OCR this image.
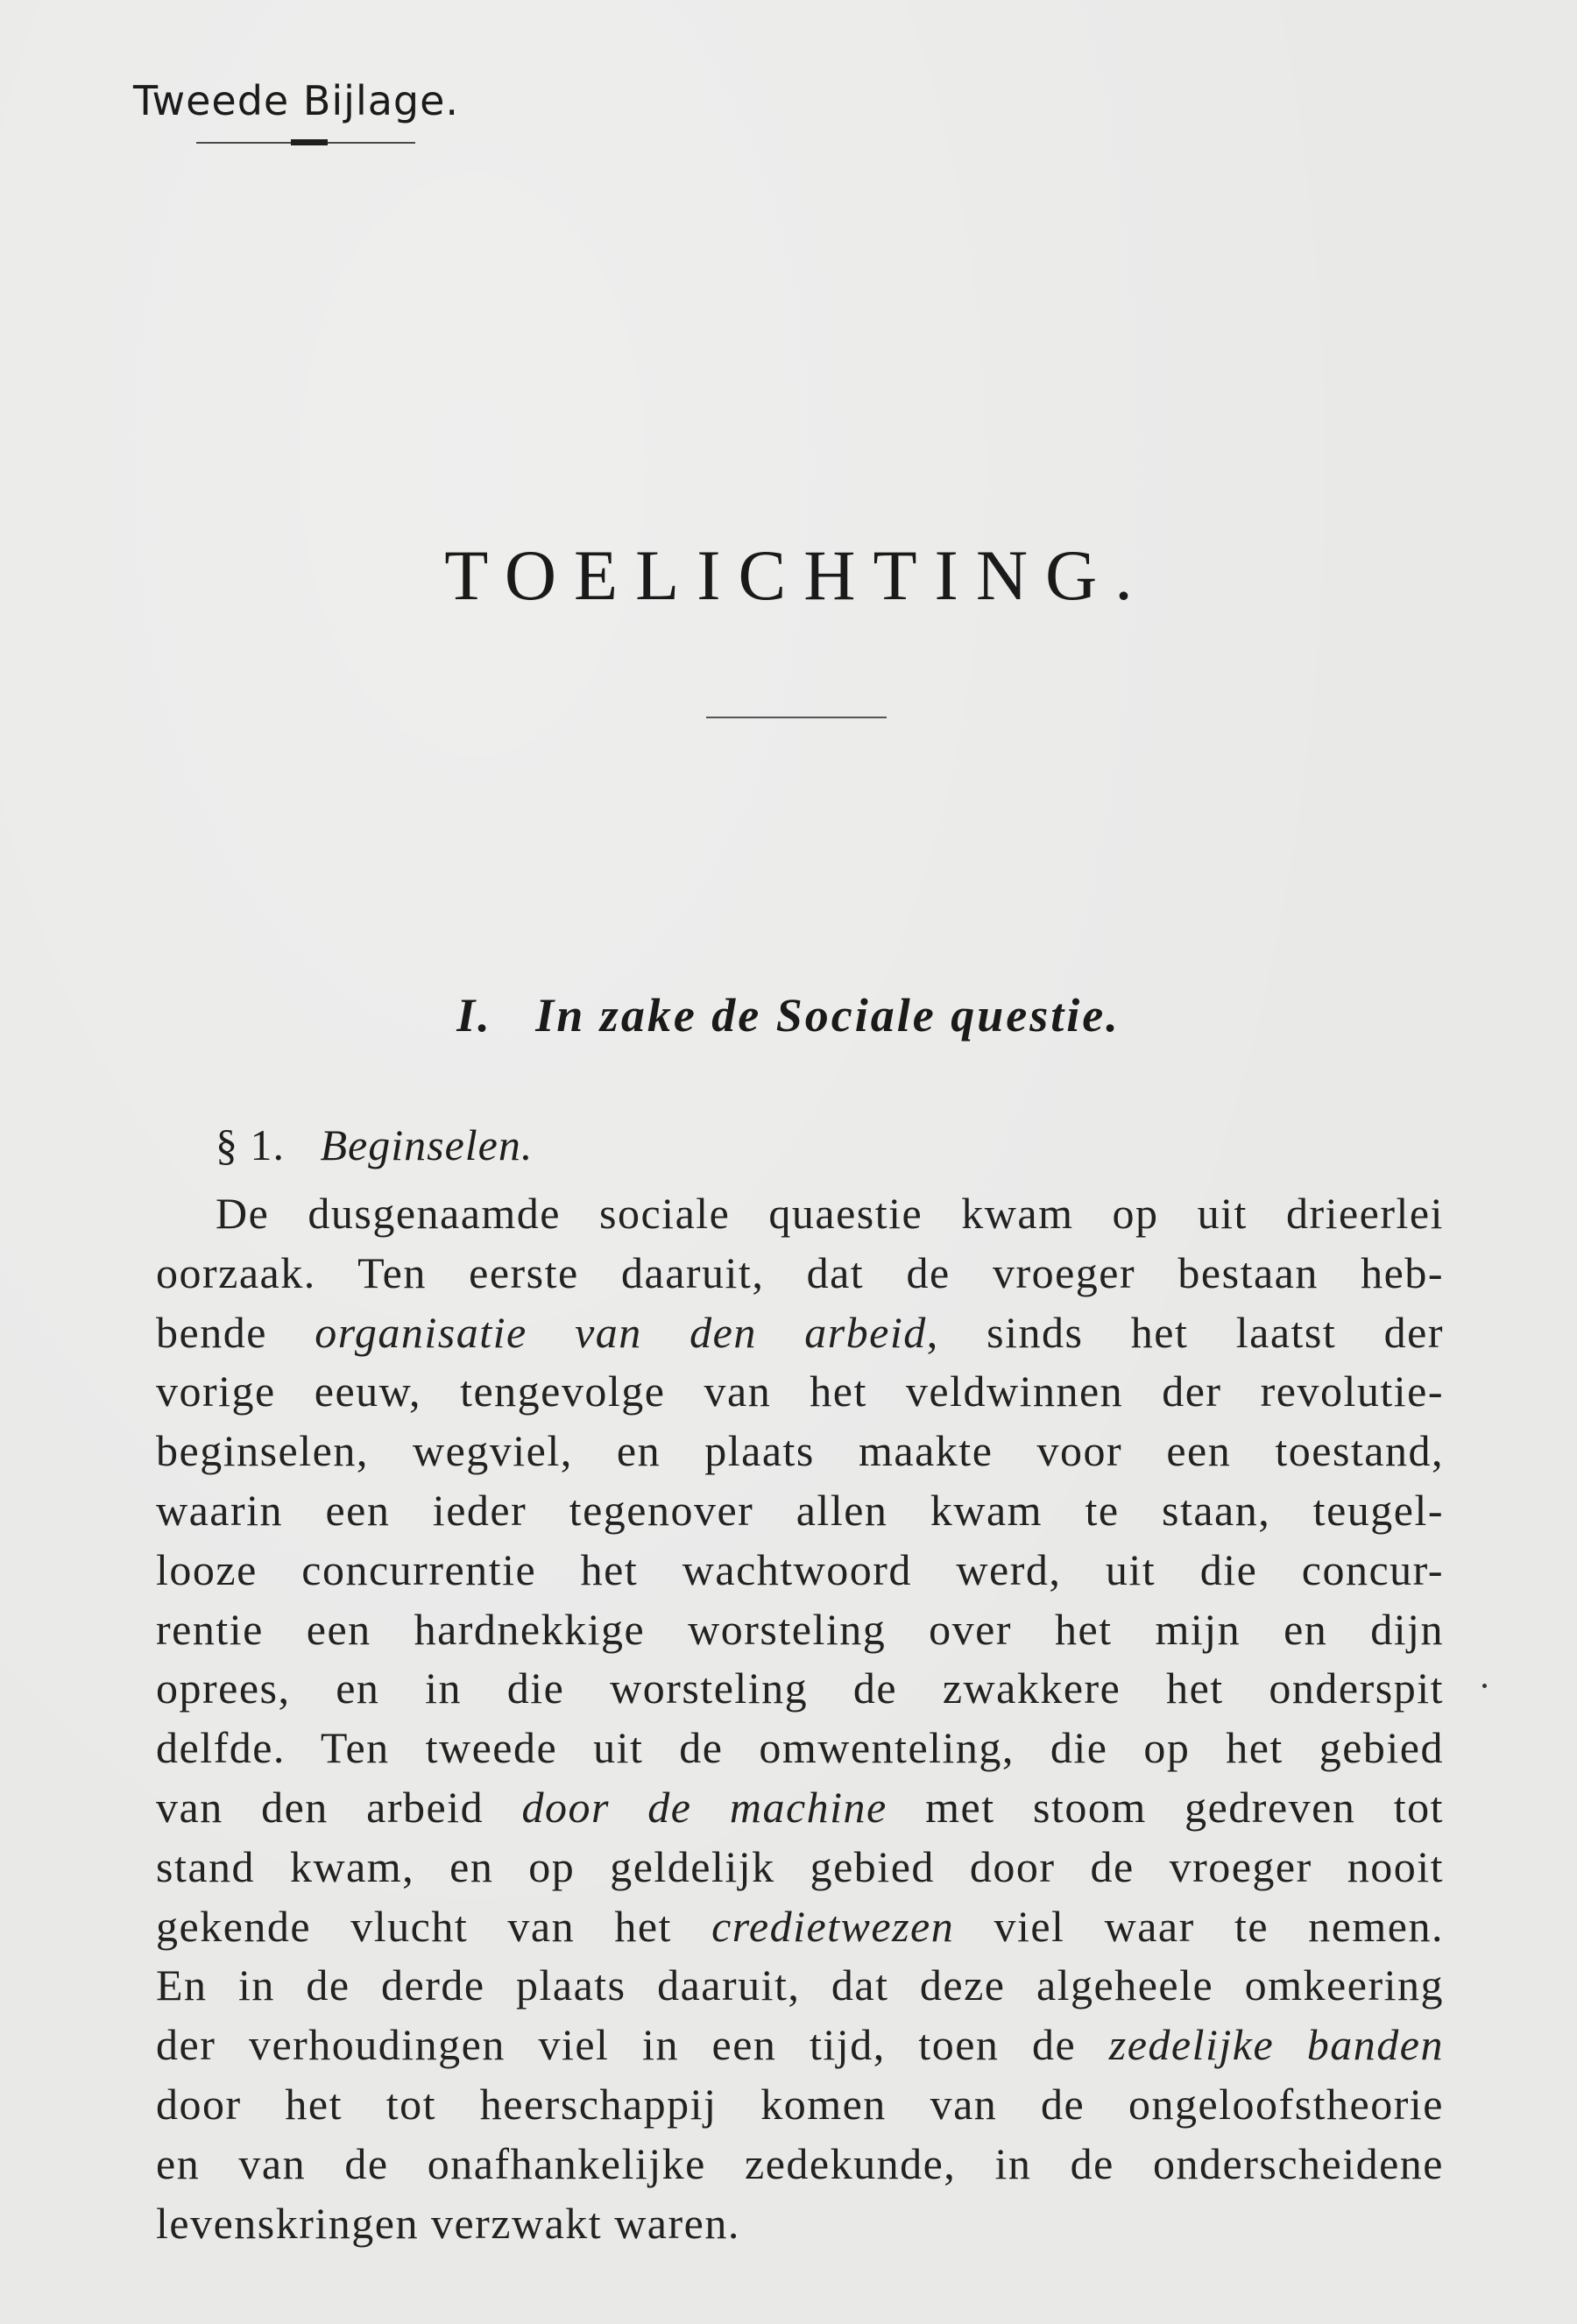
Tweede Bijlage.
TOELICHTING.
I.   In zake de Sociale questie.
§ 1. Beginselen.
De dusgenaamde sociale quaestie kwam op uit drieerlei
oorzaak. Ten eerste daaruit, dat de vroeger bestaan heb-
bende organisatie van den arbeid, sinds het laatst der
vorige eeuw, tengevolge van het veldwinnen der revolutie-
beginselen, wegviel, en plaats maakte voor een toestand,
waarin een ieder tegenover allen kwam te staan, teugel-
looze concurrentie het wachtwoord werd, uit die concur-
rentie een hardnekkige worsteling over het mijn en dijn
oprees, en in die worsteling de zwakkere het onderspit
delfde. Ten tweede uit de omwenteling, die op het gebied
van den arbeid door de machine met stoom gedreven tot
stand kwam, en op geldelijk gebied door de vroeger nooit
gekende vlucht van het credietwezen viel waar te nemen.
En in de derde plaats daaruit, dat deze algeheele omkeering
der verhoudingen viel in een tijd, toen de zedelijke banden
door het tot heerschappij komen van de ongeloofstheorie
en van de onafhankelijke zedekunde, in de onderscheidene
levenskringen verzwakt waren.
